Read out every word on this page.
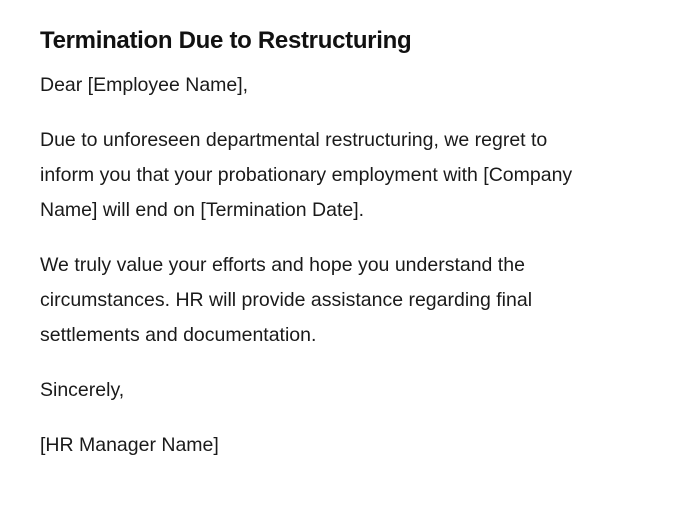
Termination Due to Restructuring

Dear [Employee Name],

Due to unforeseen departmental restructuring, we regret to
inform you that your probationary employment with [Company
Name] will end on [Termination Date].

We truly value your efforts and hope you understand the
circumstances. HR will provide assistance regarding final
settlements and documentation.

Sincerely,

[HR Manager Name]
